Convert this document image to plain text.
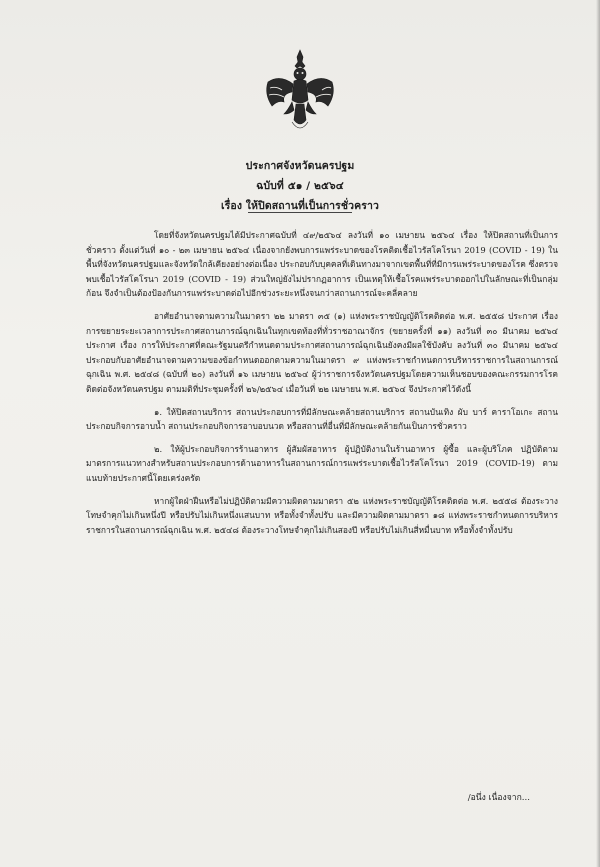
ประกาศจังหวัดนครปฐม
ฉบับที่ ๕๑ / ๒๕๖๔
เรื่อง ให้ปิดสถานที่เป็นการชั่วคราว

โดยที่จังหวัดนครปฐมได้มีประกาศฉบับที่ ๔๙/๒๕๖๔ ลงวันที่ ๑๐ เมษายน ๒๕๖๔ เรื่อง ให้ปิดสถานที่เป็นการชั่วคราว ตั้งแต่วันที่ ๑๐ - ๒๓ เมษายน ๒๕๖๔ เนื่องจากยังพบการแพร่ระบาดของโรคติดเชื้อไวรัสโคโรนา 2019 (COVID - 19) ในพื้นที่จังหวัดนครปฐมและจังหวัดใกล้เคียงอย่างต่อเนื่อง ประกอบกับบุคคลที่เดินทางมาจากเขตพื้นที่ที่มีการแพร่ระบาดของโรค ซึ่งตรวจพบเชื้อไวรัสโคโรนา 2019 (COVID - 19) ส่วนใหญ่ยังไม่ปรากฏอาการ เป็นเหตุให้เชื้อโรคแพร่ระบาดออกไปในลักษณะที่เป็นกลุ่มก้อน จึงจำเป็นต้องป้องกันการแพร่ระบาดต่อไปอีกช่วงระยะหนึ่งจนกว่าสถานการณ์จะคลี่คลาย

อาศัยอำนาจตามความในมาตรา ๒๒ มาตรา ๓๕ (๑) แห่งพระราชบัญญัติโรคติดต่อ พ.ศ. ๒๕๕๘ ประกาศ เรื่อง การขยายระยะเวลาการประกาศสถานการณ์ฉุกเฉินในทุกเขตท้องที่ทั่วราชอาณาจักร (ขยายครั้งที่ ๑๑) ลงวันที่ ๓๐ มีนาคม ๒๕๖๔ ประกาศ เรื่อง การให้ประกาศที่คณะรัฐมนตรีกำหนดตามประกาศสถานการณ์ฉุกเฉินยังคงมีผลใช้บังคับ ลงวันที่ ๓๐ มีนาคม ๒๕๖๔ ประกอบกับอาศัยอำนาจตามความของข้อกำหนดออกตามความในมาตรา ๙ แห่งพระราชกำหนดการบริหารราชการในสถานการณ์ฉุกเฉิน พ.ศ. ๒๕๔๘ (ฉบับที่ ๒๐) ลงวันที่ ๑๖ เมษายน ๒๕๖๔ ผู้ว่าราชการจังหวัดนครปฐมโดยความเห็นชอบของคณะกรรมการโรคติดต่อจังหวัดนครปฐม ตามมติที่ประชุมครั้งที่ ๒๖/๒๕๖๔ เมื่อวันที่ ๒๒ เมษายน พ.ศ. ๒๕๖๔ จึงประกาศไว้ดังนี้

๑. ให้ปิดสถานบริการ สถานประกอบการที่มีลักษณะคล้ายสถานบริการ สถานบันเทิง ผับ บาร์ คาราโอเกะ สถานประกอบกิจการอาบน้ำ สถานประกอบกิจการอาบอบนวด หรือสถานที่อื่นที่มีลักษณะคล้ายกันเป็นการชั่วคราว

๒. ให้ผู้ประกอบกิจการร้านอาหาร ผู้สัมผัสอาหาร ผู้ปฏิบัติงานในร้านอาหาร ผู้ซื้อ และผู้บริโภค ปฏิบัติตามมาตรการแนวทางสำหรับสถานประกอบการด้านอาหารในสถานการณ์การแพร่ระบาดเชื้อไวรัสโคโรนา 2019 (COVID-19) ตามแนบท้ายประกาศนี้โดยเคร่งครัด

หากผู้ใดฝ่าฝืนหรือไม่ปฏิบัติตามมีความผิดตามมาตรา ๕๒ แห่งพระราชบัญญัติโรคติดต่อ พ.ศ. ๒๕๕๘ ต้องระวางโทษจำคุกไม่เกินหนึ่งปี หรือปรับไม่เกินหนึ่งแสนบาท หรือทั้งจำทั้งปรับ และมีความผิดตามมาตรา ๑๘ แห่งพระราชกำหนดการบริหารราชการในสถานการณ์ฉุกเฉิน พ.ศ. ๒๕๔๘ ต้องระวางโทษจำคุกไม่เกินสองปี หรือปรับไม่เกินสี่หมื่นบาท หรือทั้งจำทั้งปรับ

/อนึ่ง เนื่องจาก...
